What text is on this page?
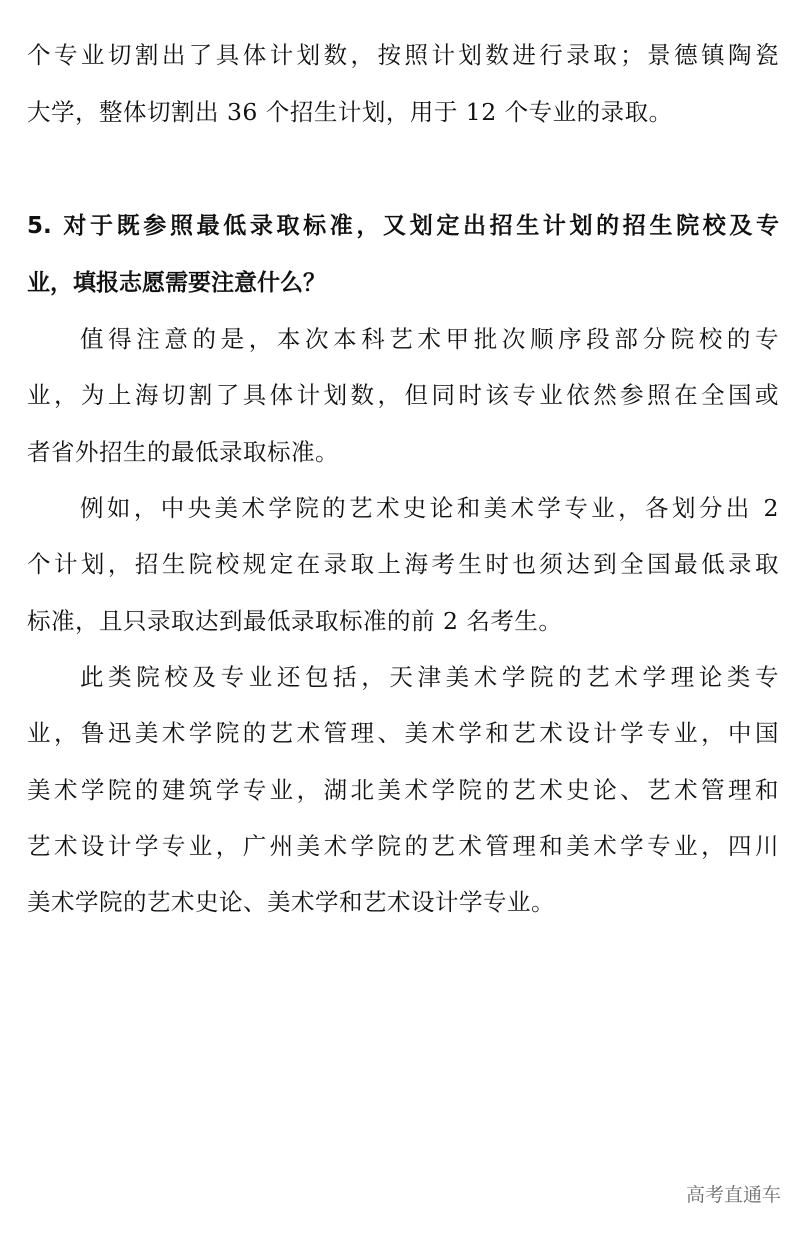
个专业切割出了具体计划数，按照计划数进行录取；景德镇陶瓷
大学，整体切割出 36 个招生计划，用于 12 个专业的录取。
5. 对于既参照最低录取标准，又划定出招生计划的招生院校及专
业，填报志愿需要注意什么？
值得注意的是，本次本科艺术甲批次顺序段部分院校的专
业，为上海切割了具体计划数，但同时该专业依然参照在全国或
者省外招生的最低录取标准。
例如，中央美术学院的艺术史论和美术学专业，各划分出 2
个计划，招生院校规定在录取上海考生时也须达到全国最低录取
标准，且只录取达到最低录取标准的前 2 名考生。
此类院校及专业还包括，天津美术学院的艺术学理论类专
业，鲁迅美术学院的艺术管理、美术学和艺术设计学专业，中国
美术学院的建筑学专业，湖北美术学院的艺术史论、艺术管理和
艺术设计学专业，广州美术学院的艺术管理和美术学专业，四川
美术学院的艺术史论、美术学和艺术设计学专业。
高考直通车
